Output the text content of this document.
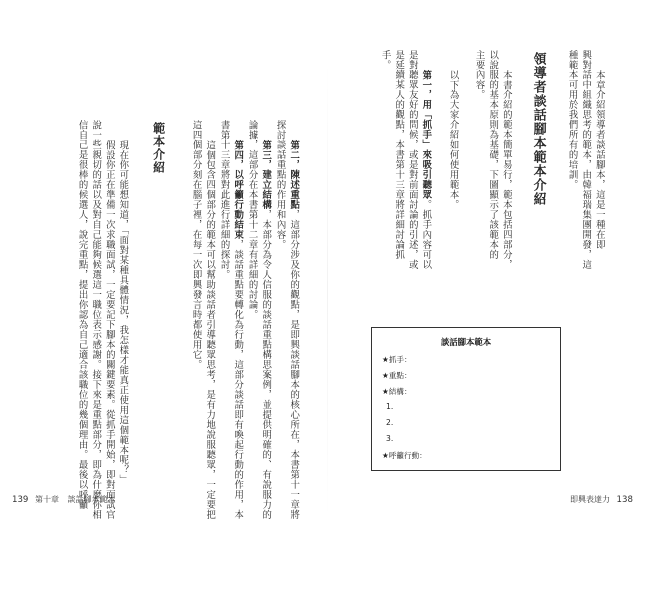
本章介紹領導者談話腳本，這是一種在即
興對話中組織思考的範本，由韓福瑞集團開發，這
種範本可用於我們所有的培訓。
領導者談話腳本範本介紹
本書介紹的範本簡單易行，範本包括四部分，
以說服的基本原則為基礎，下圖顯示了該範本的
主要內容。
以下為大家介紹如何使用範本。
第一，用「抓手」來吸引聽眾。抓手內容可以
是對聽眾友好的問候，或是對前面討論的引述，或
是延續某人的觀點，本書第十三章將詳細討論抓
手。
談話腳本範本
★抓手：
★重點：
★結構：
1.
2.
3.
★呼籲行動：
第二，陳述重點，這部分涉及你的觀點，是即興談話腳本的核心所在，本書第十一章將
探討談話重點的作用和內容。
第三，建立結構，本部分為令人信服的談話重點構思案例，並提供明確的、有說服力的
論據，這部分在本書第十二章有詳細的討論。
第四，以呼籲行動結束，談話重點要轉化為行動，這部分談話即有喚起行動的作用，本
書第十三章將對此進行詳細的探討。
這個包含四個部分的範本可以幫助談話者引導聽眾思考，是有力地說服聽眾，一定要把
這四個部分刻在腦子裡，在每一次即興發言時都使用它。
範本介紹
現在你可能想知道，「面對某種具體情況，我怎樣才能真正使用這個範本呢？」
假設你正在準備一次求職面試，一定要記下腳本的關鍵要素。從抓手開始，即對面試官
說一些親切的話以及對自己能夠候選這一職位表示感謝。接下來是重點部分，即為什麼你相
信自己是很棒的候選人，說完重點，提出你認為自己適合該職位的幾個理由。最後以呼籲
139 第十章 談話腳本範本	即興表達力 138
